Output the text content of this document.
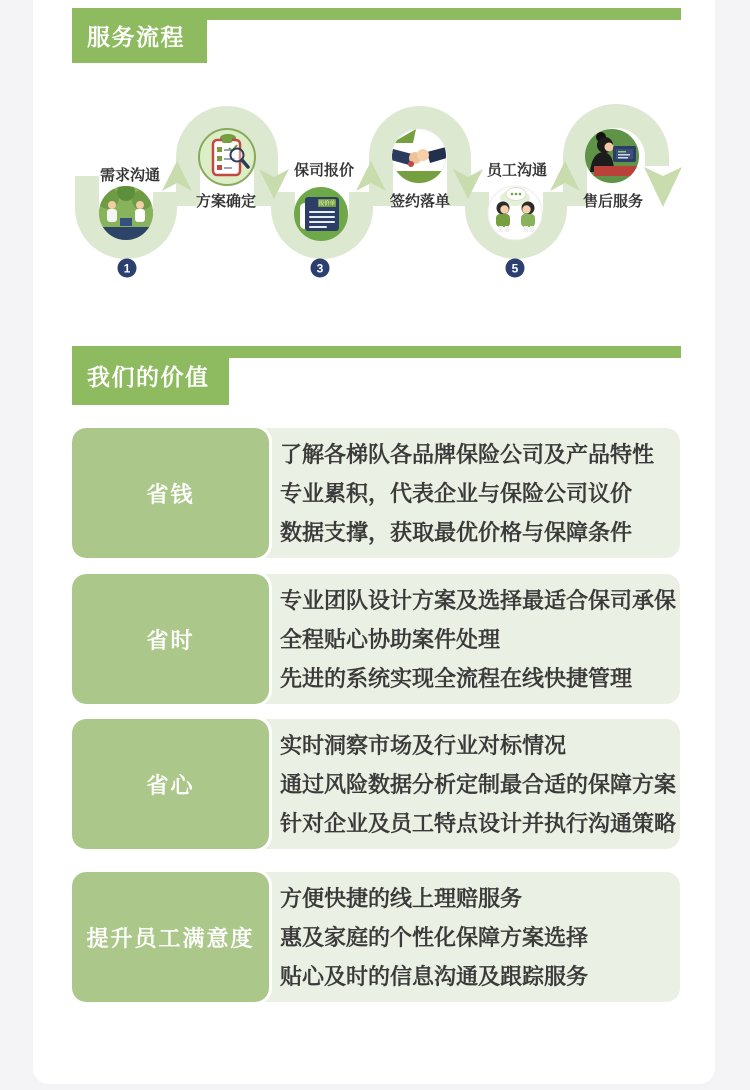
服务流程
报价单
需求沟通
方案确定
保司报价
签约落单
员工沟通
售后服务
1	3	5
我们的价值
了解各梯队各品牌保险公司及产品特性
专业累积，代表企业与保险公司议价
数据支撑，获取最优价格与保障条件
省钱
专业团队设计方案及选择最适合保司承保
全程贴心协助案件处理
先进的系统实现全流程在线快捷管理
省时
实时洞察市场及行业对标情况
通过风险数据分析定制最合适的保障方案
针对企业及员工特点设计并执行沟通策略
省心
方便快捷的线上理赔服务
惠及家庭的个性化保障方案选择
贴心及时的信息沟通及跟踪服务
提升员工满意度
